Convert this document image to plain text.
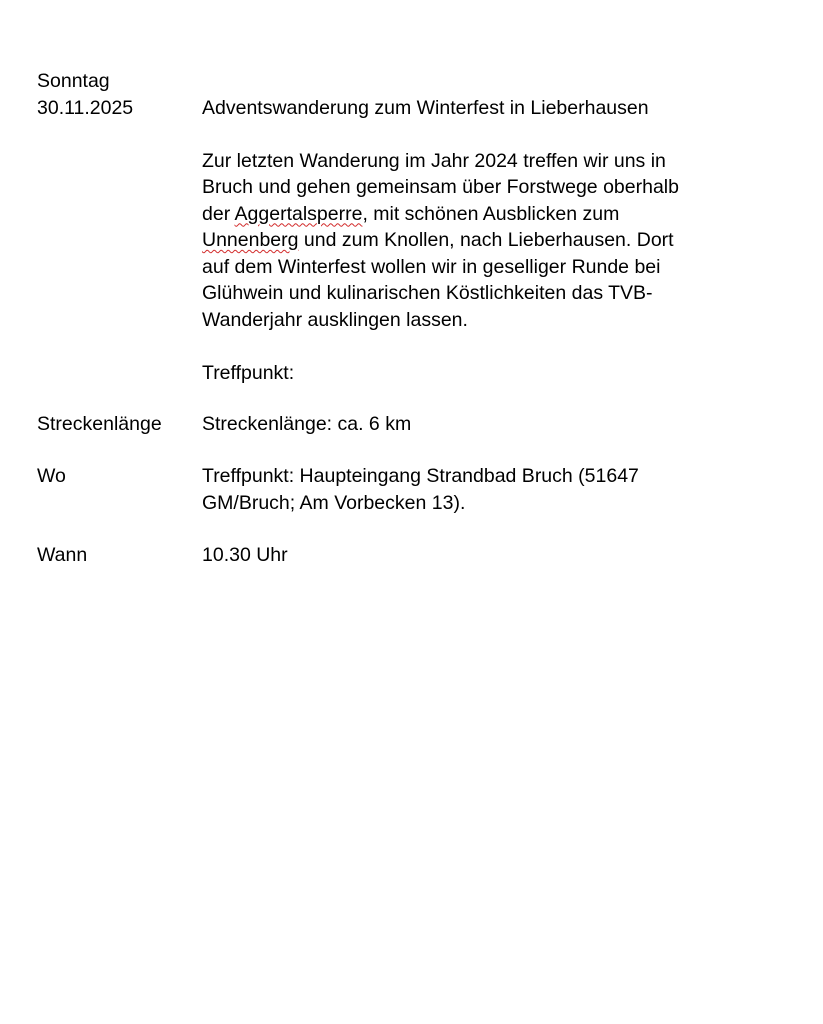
Sonntag
30.11.2025	Adventswanderung zum Winterfest in Lieberhausen
Zur letzten Wanderung im Jahr 2024 treffen wir uns in
Bruch und gehen gemeinsam über Forstwege oberhalb
der Aggertalsperre, mit schönen Ausblicken zum
Unnenberg und zum Knollen, nach Lieberhausen. Dort
auf dem Winterfest wollen wir in geselliger Runde bei
Glühwein und kulinarischen Köstlichkeiten das TVB-
Wanderjahr ausklingen lassen.
Treffpunkt:
Streckenlänge	Streckenlänge: ca. 6 km
Wo	Treffpunkt: Haupteingang Strandbad Bruch (51647
GM/Bruch; Am Vorbecken 13).
Wann	10.30 Uhr
